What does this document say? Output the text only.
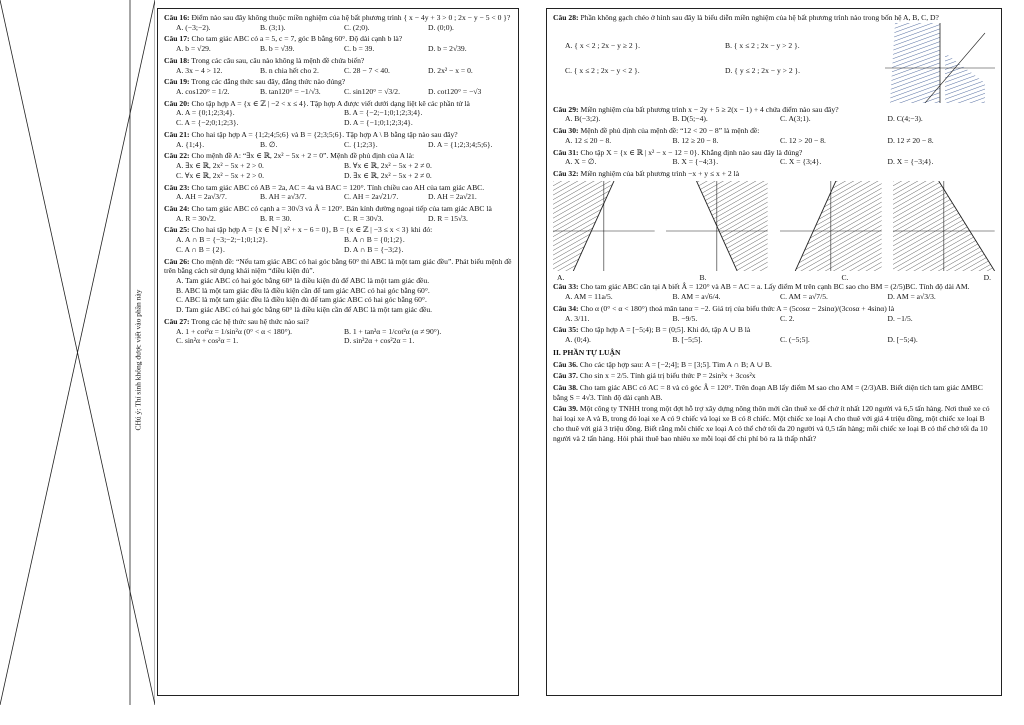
CHú ý: Thí sinh không được viết vào phần này
Câu 16: Điểm nào sau đây không thuộc miền nghiệm của hệ bất phương trình { x − 4y + 3 > 0 ; 2x − y − 5 < 0 }?
A. (−3;−2).	B. (3;1).	C. (2;0).	D. (0;0).
Câu 17: Cho tam giác ABC có a = 5, c = 7, góc B bằng 60°. Độ dài cạnh b là?
A. b = √29.	B. b = √39.	C. b = 39.	D. b = 2√39.
Câu 18: Trong các câu sau, câu nào không là mệnh đề chứa biến?
A. 3x − 4 > 12.	B. n chia hết cho 2.	C. 28 − 7 < 40.	D. 2x² − x = 0.
Câu 19: Trong các đẳng thức sau đây, đẳng thức nào đúng?
A. cos120° = 1/2.	B. tan120° = −1/√3.	C. sin120° = √3/2.	D. cot120° = −√3
Câu 20: Cho tập hợp A = {x ∈ ℤ | −2 < x ≤ 4}. Tập hợp A được viết dưới dạng liệt kê các phần tử là
A. A = {0;1;2;3;4}.	B. A = {−2;−1;0;1;2;3;4}.
C. A = {−2;0;1;2;3}.	D. A = {−1;0;1;2;3;4}.
Câu 21: Cho hai tập hợp A = {1;2;4;5;6} và B = {2;3;5;6}. Tập hợp A \ B bằng tập nào sau đây?
A. {1;4}.	B. ∅.	C. {1;2;3}.	D. A = {1;2;3;4;5;6}.
Câu 22: Cho mệnh đề A: “∃x ∈ ℝ, 2x² − 5x + 2 = 0”. Mệnh đề phủ định của A là:
A. ∃x ∈ ℝ, 2x² − 5x + 2 > 0.	B. ∀x ∈ ℝ, 2x² − 5x + 2 ≠ 0.
C. ∀x ∈ ℝ, 2x² − 5x + 2 > 0.	D. ∃x ∈ ℝ, 2x² − 5x + 2 ≠ 0.
Câu 23: Cho tam giác ABC có AB = 2a, AC = 4a và BAC = 120°. Tính chiều cao AH của tam giác ABC.
A. AH = 2a√3/7.	B. AH = a√3/7.	C. AH = 2a√21/7.	D. AH = 2a√21.
Câu 24: Cho tam giác ABC có cạnh a = 30√3 và Â = 120°. Bán kính đường ngoại tiếp của tam giác ABC là
A. R = 30√2.	B. R = 30.	C. R = 30√3.	D. R = 15√3.
Câu 25: Cho hai tập hợp A = {x ∈ ℕ | x² + x − 6 = 0}, B = {x ∈ ℤ | −3 ≤ x < 3} khi đó:
A. A ∩ B = {−3;−2;−1;0;1;2}.	B. A ∩ B = {0;1;2}.
C. A ∩ B = {2}.	D. A ∩ B = {−3;2}.
Câu 26: Cho mệnh đề: “Nếu tam giác ABC có hai góc bằng 60° thì ABC là một tam giác đều”. Phát biểu mệnh đề trên bằng cách sử dụng khái niệm “điều kiện đủ”.
A. Tam giác ABC có hai góc bằng 60° là điều kiện đủ để ABC là một tam giác đều.
B. ABC là một tam giác đều là điều kiện cần để tam giác ABC có hai góc bằng 60°.
C. ABC là một tam giác đều là điều kiện đủ để tam giác ABC có hai góc bằng 60°.
D. Tam giác ABC có hai góc bằng 60° là điều kiện cần để ABC là một tam giác đều.
Câu 27: Trong các hệ thức sau hệ thức nào sai?
A. 1 + cot²α = 1/sin²α (0° < α < 180°).	B. 1 + tan²α = 1/cot²α (α ≠ 90°).
C. sin²α + cos²α = 1.	D. sin²2α + cos²2α = 1.
Câu 28: Phần không gạch chéo ở hình sau đây là biểu diễn miền nghiệm của hệ bất phương trình nào trong bốn hệ A, B, C, D?
A. { x < 2 ; 2x − y ≥ 2 }.	B. { x ≤ 2 ; 2x − y > 2 }.
C. { x ≤ 2 ; 2x − y < 2 }.	D. { y ≤ 2 ; 2x − y > 2 }.
Câu 29: Miền nghiệm của bất phương trình x − 2y + 5 ≥ 2(x − 1) + 4 chứa điểm nào sau đây?
A. B(−3;2).	B. D(5;−4).	C. A(3;1).	D. C(4;−3).
Câu 30: Mệnh đề phủ định của mệnh đề: “12 < 20 − 8” là mệnh đề:
A. 12 ≤ 20 − 8.	B. 12 ≥ 20 − 8.	C. 12 > 20 − 8.	D. 12 ≠ 20 − 8.
Câu 31: Cho tập X = {x ∈ ℝ | x² − x − 12 = 0}. Khẳng định nào sau đây là đúng?
A. X = ∅.	B. X = {−4;3}.	C. X = {3;4}.	D. X = {−3;4}.
Câu 32: Miền nghiệm của bất phương trình −x + y ≤ x + 2 là
A.	B.	C.	D.
Câu 33: Cho tam giác ABC cân tại A biết Â = 120° và AB = AC = a. Lấy điểm M trên cạnh BC sao cho BM = (2/5)BC. Tính độ dài AM.
A. AM = 11a/5.	B. AM = a√6/4.	C. AM = a√7/5.	D. AM = a√3/3.
Câu 34: Cho α (0° < α < 180°) thoả mãn tanα = −2. Giá trị của biểu thức A = (5cosα − 2sinα)/(3cosα + 4sinα) là
A. 3/11.	B. −9/5.	C. 2.	D. −1/5.
Câu 35: Cho tập hợp A = [−5;4); B = (0;5]. Khi đó, tập A ∪ B là
A. (0;4).	B. [−5;5].	C. (−5;5].	D. [−5;4).
II. PHẦN TỰ LUẬN
Câu 36. Cho các tập hợp sau: A = [−2;4]; B = [3;5]. Tìm A ∩ B; A ∪ B.
Câu 37. Cho sin x = 2/5. Tính giá trị biểu thức P = 2sin²x + 3cos²x
Câu 38. Cho tam giác ABC có AC = 8 và có góc Â = 120°. Trên đoạn AB lấy điểm M sao cho AM = (2/3)AB. Biết diện tích tam giác ΔMBC bằng S = 4√3. Tính độ dài cạnh AB.
Câu 39. Một công ty TNHH trong một đợt hỗ trợ xây dựng nông thôn mới cần thuê xe để chở ít nhất 120 người và 6,5 tấn hàng. Nơi thuê xe có hai loại xe A và B, trong đó loại xe A có 9 chiếc và loại xe B có 8 chiếc. Một chiếc xe loại A cho thuê với giá 4 triệu đồng, một chiếc xe loại B cho thuê với giá 3 triệu đồng. Biết rằng mỗi chiếc xe loại A có thể chở tối đa 20 người và 0,5 tấn hàng; mỗi chiếc xe loại B có thể chở tối đa 10 người và 2 tấn hàng. Hỏi phải thuê bao nhiêu xe mỗi loại để chi phí bỏ ra là thấp nhất?
